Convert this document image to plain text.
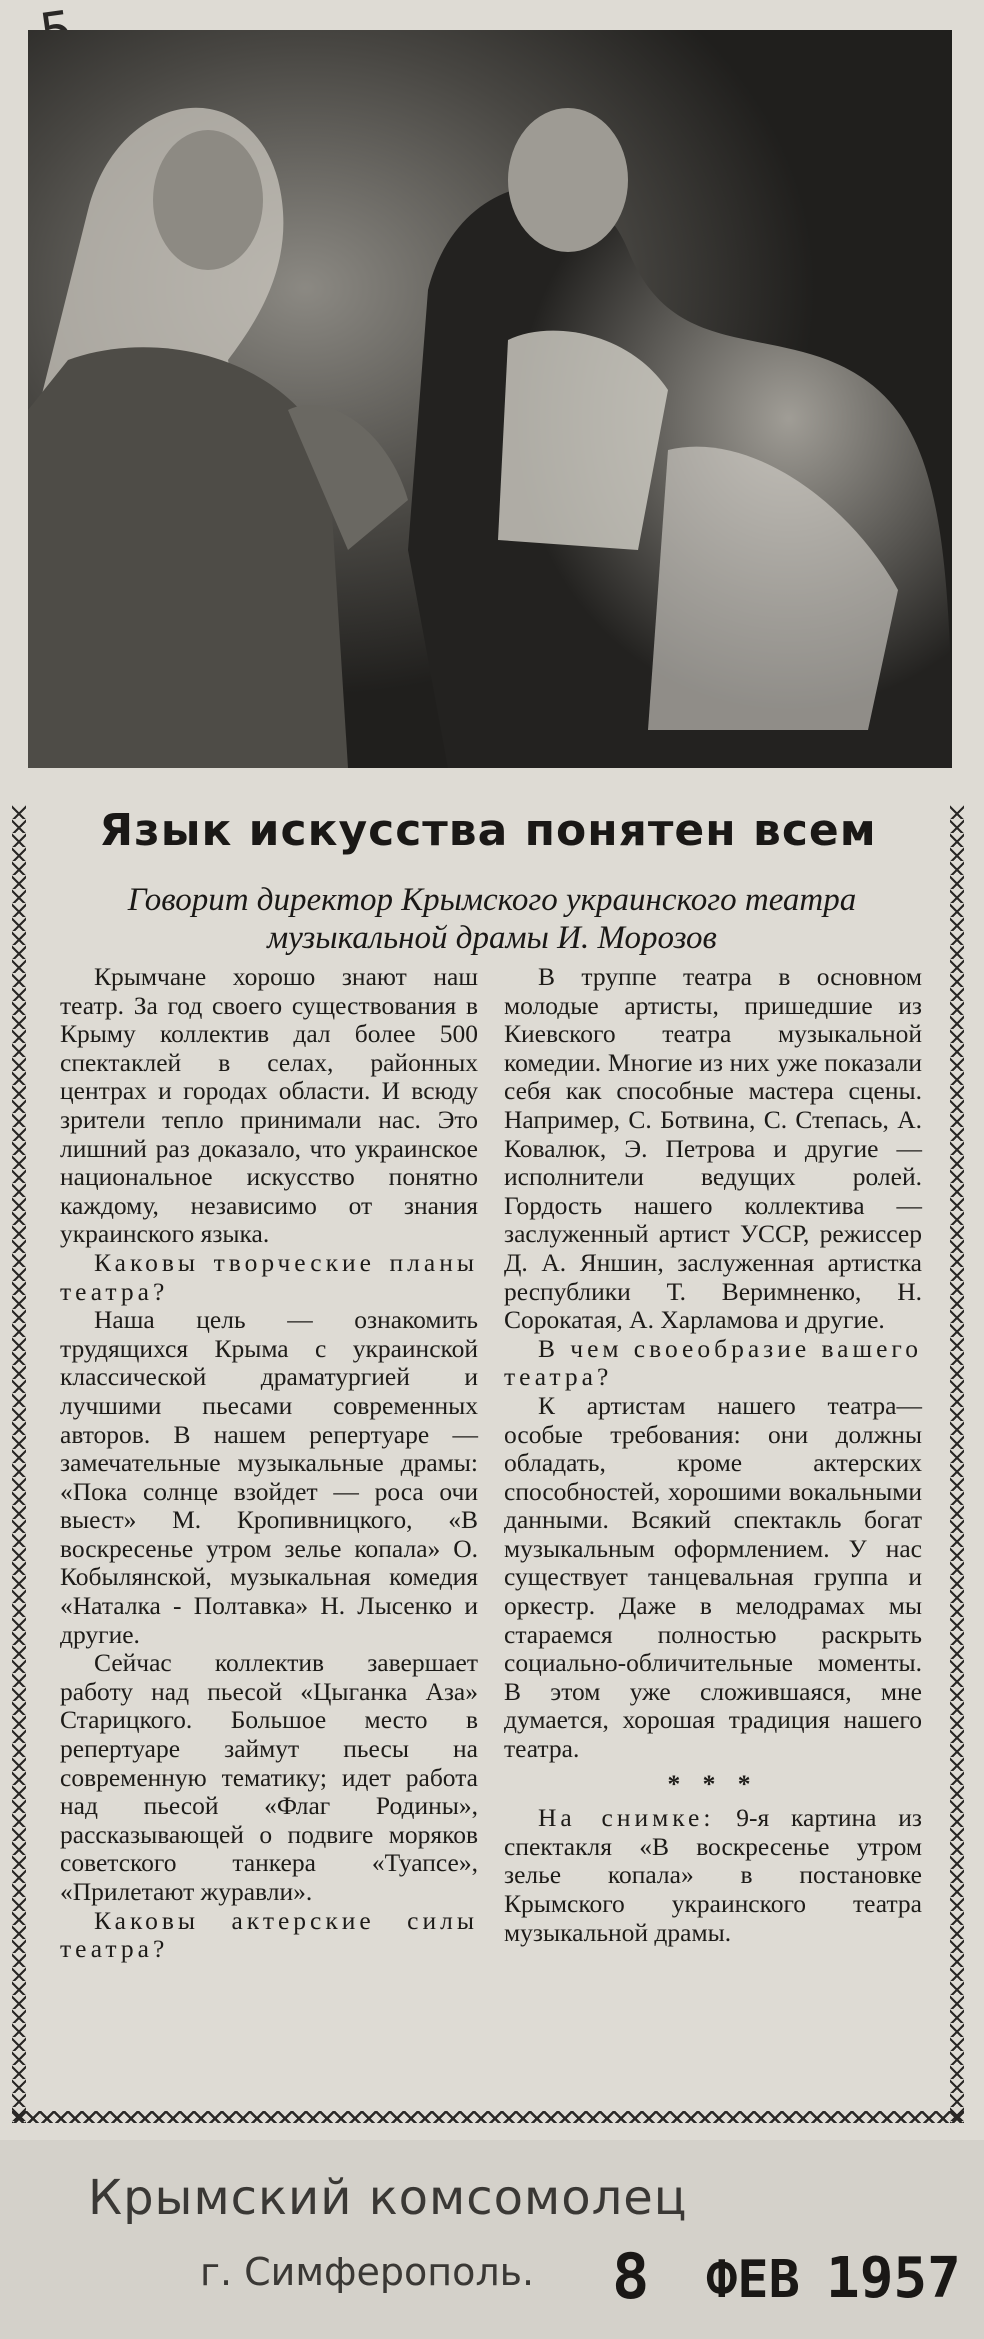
Язык искусства понятен всем
Говорит директор Крымского украинского театра музыкальной драмы И. Морозов

Крымчане хорошо знают наш театр. За год своего существования в Крыму коллектив дал более 500 спектаклей в селах, районных центрах и городах области. И всюду зрители тепло принимали нас. Это лишний раз доказало, что украинское национальное искусство понятно каждому, независимо от знания украинского языка.

Каковы творческие планы театра?

Наша цель — ознакомить трудящихся Крыма с украинской классической драматургией и лучшими пьесами современных авторов. В нашем репертуаре — замечательные музыкальные драмы: «Пока солнце взойдет — роса очи выест» М. Кропивницкого, «В воскресенье утром зелье копала» О. Кобылянской, музыкальная комедия «Наталка - Полтавка» Н. Лысенко и другие.

Сейчас коллектив завершает работу над пьесой «Цыганка Аза» Старицкого. Большое место в репертуаре займут пьесы на современную тематику; идет работа над пьесой «Флаг Родины», рассказывающей о подвиге моряков советского танкера «Туапсе», «Прилетают журавли».

Каковы актерские силы театра?

В труппе театра в основном молодые артисты, пришедшие из Киевского театра музыкальной комедии. Многие из них уже показали себя как способные мастера сцены. Например, С. Ботвина, С. Степась, А. Ковалюк, Э. Петрова и другие — исполнители ведущих ролей. Гордость нашего коллектива — заслуженный артист УССР, режиссер Д. А. Яншин, заслуженная артистка республики Т. Веримненко, Н. Сорокатая, А. Харламова и другие.

В чем своеобразие вашего театра?

К артистам нашего театра—особые требования: они должны обладать, кроме актерских способностей, хорошими вокальными данными. Всякий спектакль богат музыкальным оформлением. У нас существует танцевальная группа и оркестр. Даже в мелодрамах мы стараемся полностью раскрыть социально-обличительные моменты. В этом уже сложившаяся, мне думается, хорошая традиция нашего театра.

* * *

На снимке: 9-я картина из спектакля «В воскресенье утром зелье копала» в постановке Крымского украинского театра музыкальной драмы.

Крымский комсомолец
г. Симферополь. 8 ФЕВ 1957
